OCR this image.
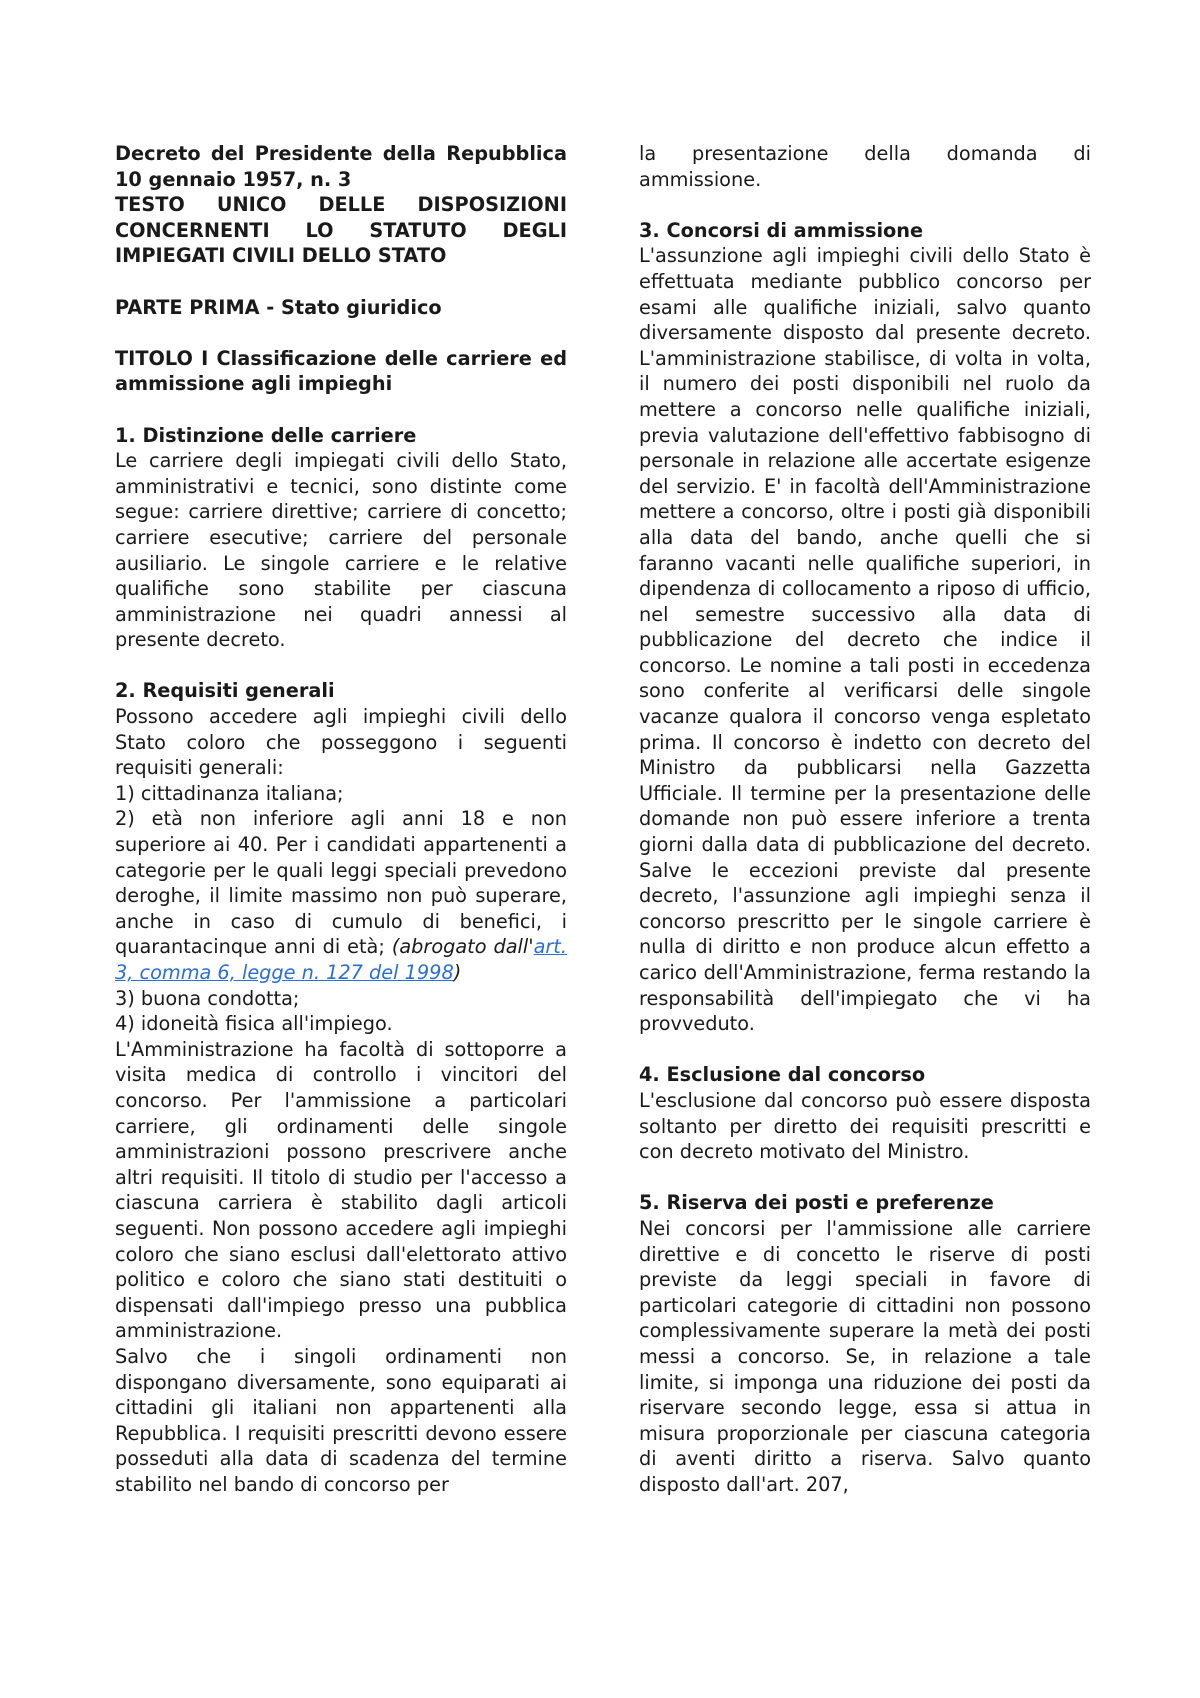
Decreto del Presidente della Repubblica 10 gennaio 1957, n. 3

TESTO UNICO DELLE DISPOSIZIONI CONCERNENTI LO STATUTO DEGLI IMPIEGATI CIVILI DELLO STATO

PARTE PRIMA - Stato giuridico

TITOLO I Classificazione delle carriere ed ammissione agli impieghi

1. Distinzione delle carriere

Le carriere degli impiegati civili dello Stato, amministrativi e tecnici, sono distinte come segue: carriere direttive; carriere di concetto; carriere esecutive; carriere del personale ausiliario. Le singole carriere e le relative qualifiche sono stabilite per ciascuna amministrazione nei quadri annessi al presente decreto.

2. Requisiti generali

Possono accedere agli impieghi civili dello Stato coloro che posseggono i seguenti requisiti generali:

1) cittadinanza italiana;

2) età non inferiore agli anni 18 e non superiore ai 40. Per i candidati appartenenti a categorie per le quali leggi speciali prevedono deroghe, il limite massimo non può superare, anche in caso di cumulo di benefici, i quarantacinque anni di età; (abrogato dall'art. 3, comma 6, legge n. 127 del 1998)

3) buona condotta;

4) idoneità fisica all'impiego.

L'Amministrazione ha facoltà di sottoporre a visita medica di controllo i vincitori del concorso. Per l'ammissione a particolari carriere, gli ordinamenti delle singole amministrazioni possono prescrivere anche altri requisiti. Il titolo di studio per l'accesso a ciascuna carriera è stabilito dagli articoli seguenti. Non possono accedere agli impieghi coloro che siano esclusi dall'elettorato attivo politico e coloro che siano stati destituiti o dispensati dall'impiego presso una pubblica amministrazione.

Salvo che i singoli ordinamenti non dispongano diversamente, sono equiparati ai cittadini gli italiani non appartenenti alla Repubblica. I requisiti prescritti devono essere posseduti alla data di scadenza del termine stabilito nel bando di concorso per

la presentazione della domanda di ammissione.

3. Concorsi di ammissione

L'assunzione agli impieghi civili dello Stato è effettuata mediante pubblico concorso per esami alle qualifiche iniziali, salvo quanto diversamente disposto dal presente decreto. L'amministrazione stabilisce, di volta in volta, il numero dei posti disponibili nel ruolo da mettere a concorso nelle qualifiche iniziali, previa valutazione dell'effettivo fabbisogno di personale in relazione alle accertate esigenze del servizio. E' in facoltà dell'Amministrazione mettere a concorso, oltre i posti già disponibili alla data del bando, anche quelli che si faranno vacanti nelle qualifiche superiori, in dipendenza di collocamento a riposo di ufficio, nel semestre successivo alla data di pubblicazione del decreto che indice il concorso. Le nomine a tali posti in eccedenza sono conferite al verificarsi delle singole vacanze qualora il concorso venga espletato prima. Il concorso è indetto con decreto del Ministro da pubblicarsi nella Gazzetta Ufficiale. Il termine per la presentazione delle domande non può essere inferiore a trenta giorni dalla data di pubblicazione del decreto. Salve le eccezioni previste dal presente decreto, l'assunzione agli impieghi senza il concorso prescritto per le singole carriere è nulla di diritto e non produce alcun effetto a carico dell'Amministrazione, ferma restando la responsabilità dell'impiegato che vi ha provveduto.

4. Esclusione dal concorso

L'esclusione dal concorso può essere disposta soltanto per diretto dei requisiti prescritti e con decreto motivato del Ministro.

5. Riserva dei posti e preferenze

Nei concorsi per l'ammissione alle carriere direttive e di concetto le riserve di posti previste da leggi speciali in favore di particolari categorie di cittadini non possono complessivamente superare la metà dei posti messi a concorso. Se, in relazione a tale limite, si imponga una riduzione dei posti da riservare secondo legge, essa si attua in misura proporzionale per ciascuna categoria di aventi diritto a riserva. Salvo quanto disposto dall'art. 207,
